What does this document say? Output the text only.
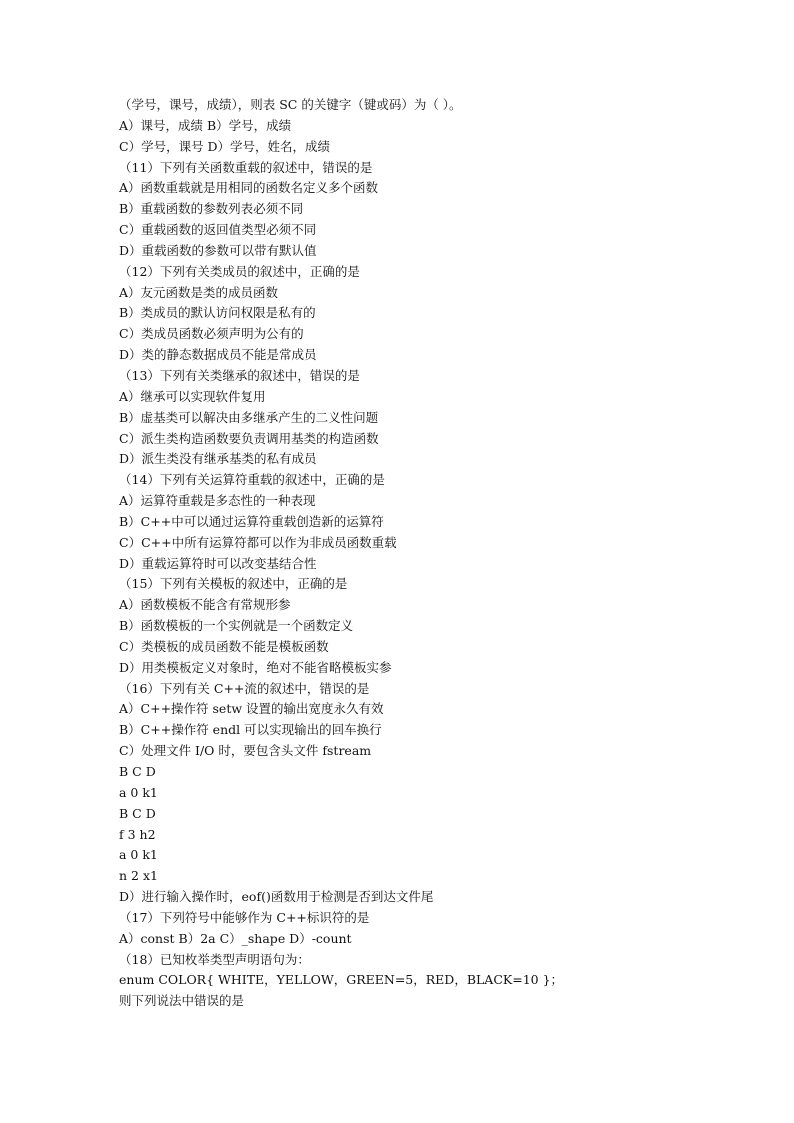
（学号，课号，成绩），则表 SC 的关键字（键或码）为（ ）。
A）课号，成绩 B）学号，成绩
C）学号，课号 D）学号，姓名，成绩
（11）下列有关函数重载的叙述中，错误的是
A）函数重载就是用相同的函数名定义多个函数
B）重载函数的参数列表必须不同
C）重载函数的返回值类型必须不同
D）重载函数的参数可以带有默认值
（12）下列有关类成员的叙述中，正确的是
A）友元函数是类的成员函数
B）类成员的默认访问权限是私有的
C）类成员函数必须声明为公有的
D）类的静态数据成员不能是常成员
（13）下列有关类继承的叙述中，错误的是
A）继承可以实现软件复用
B）虚基类可以解决由多继承产生的二义性问题
C）派生类构造函数要负责调用基类的构造函数
D）派生类没有继承基类的私有成员
（14）下列有关运算符重载的叙述中，正确的是
A）运算符重载是多态性的一种表现
B）C++中可以通过运算符重载创造新的运算符
C）C++中所有运算符都可以作为非成员函数重载
D）重载运算符时可以改变基结合性
（15）下列有关模板的叙述中，正确的是
A）函数模板不能含有常规形参
B）函数模板的一个实例就是一个函数定义
C）类模板的成员函数不能是模板函数
D）用类模板定义对象时，绝对不能省略模板实参
（16）下列有关 C++流的叙述中，错误的是
A）C++操作符 setw 设置的输出宽度永久有效
B）C++操作符 endl 可以实现输出的回车换行
C）处理文件 I/O 时，要包含头文件 fstream
B C D
a 0 k1
B C D
f 3 h2
a 0 k1
n 2 x1
D）进行输入操作时，eof()函数用于检测是否到达文件尾
（17）下列符号中能够作为 C++标识符的是
A）const B）2a C）_shape D）-count
（18）已知枚举类型声明语句为：
enum COLOR{ WHITE，YELLOW，GREEN=5，RED，BLACK=10 }；
则下列说法中错误的是
